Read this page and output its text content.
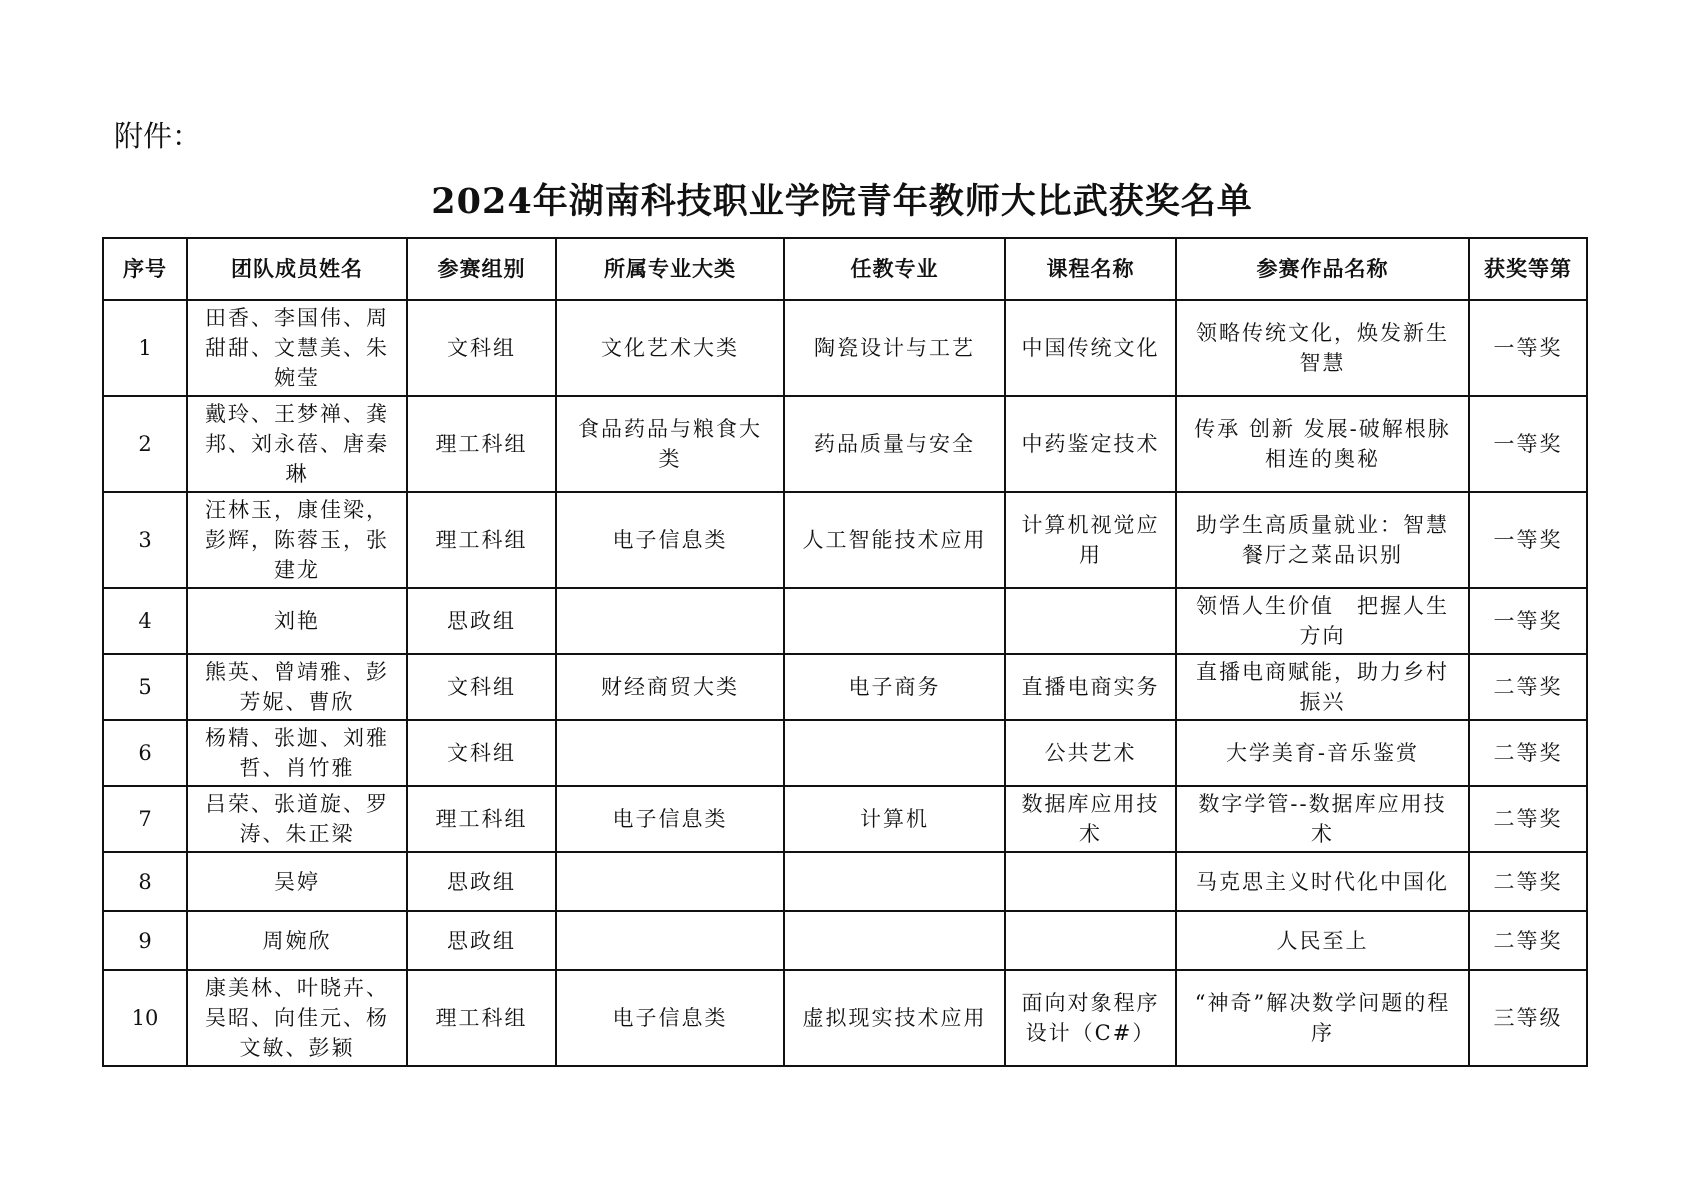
附件：
2024年湖南科技职业学院青年教师大比武获奖名单
序号	团队成员姓名	参赛组别	所属专业大类	任教专业	课程名称	参赛作品名称	获奖等第
1	田香、李国伟、周甜甜、文慧美、朱婉莹	文科组	文化艺术大类	陶瓷设计与工艺	中国传统文化	领略传统文化，焕发新生智慧	一等奖
2	戴玲、王梦禅、龚邦、刘永蓓、唐秦琳	理工科组	食品药品与粮食大类	药品质量与安全	中药鉴定技术	传承 创新 发展-破解根脉相连的奥秘	一等奖
3	汪林玉，康佳梁，彭辉，陈蓉玉，张建龙	理工科组	电子信息类	人工智能技术应用	计算机视觉应用	助学生高质量就业：智慧餐厅之菜品识别	一等奖
4	刘艳	思政组				领悟人生价值　把握人生方向	一等奖
5	熊英、曾靖雅、彭芳妮、曹欣	文科组	财经商贸大类	电子商务	直播电商实务	直播电商赋能，助力乡村振兴	二等奖
6	杨精、张迦、刘雅哲、肖竹雅	文科组			公共艺术	大学美育-音乐鉴赏	二等奖
7	吕荣、张道旋、罗涛、朱正梁	理工科组	电子信息类	计算机	数据库应用技术	数字学管--数据库应用技术	二等奖
8	吴婷	思政组				马克思主义时代化中国化	二等奖
9	周婉欣	思政组				人民至上	二等奖
10	康美林、叶晓卉、吴昭、向佳元、杨文敏、彭颖	理工科组	电子信息类	虚拟现实技术应用	面向对象程序设计（C#）	“神奇”解决数学问题的程序	三等级
